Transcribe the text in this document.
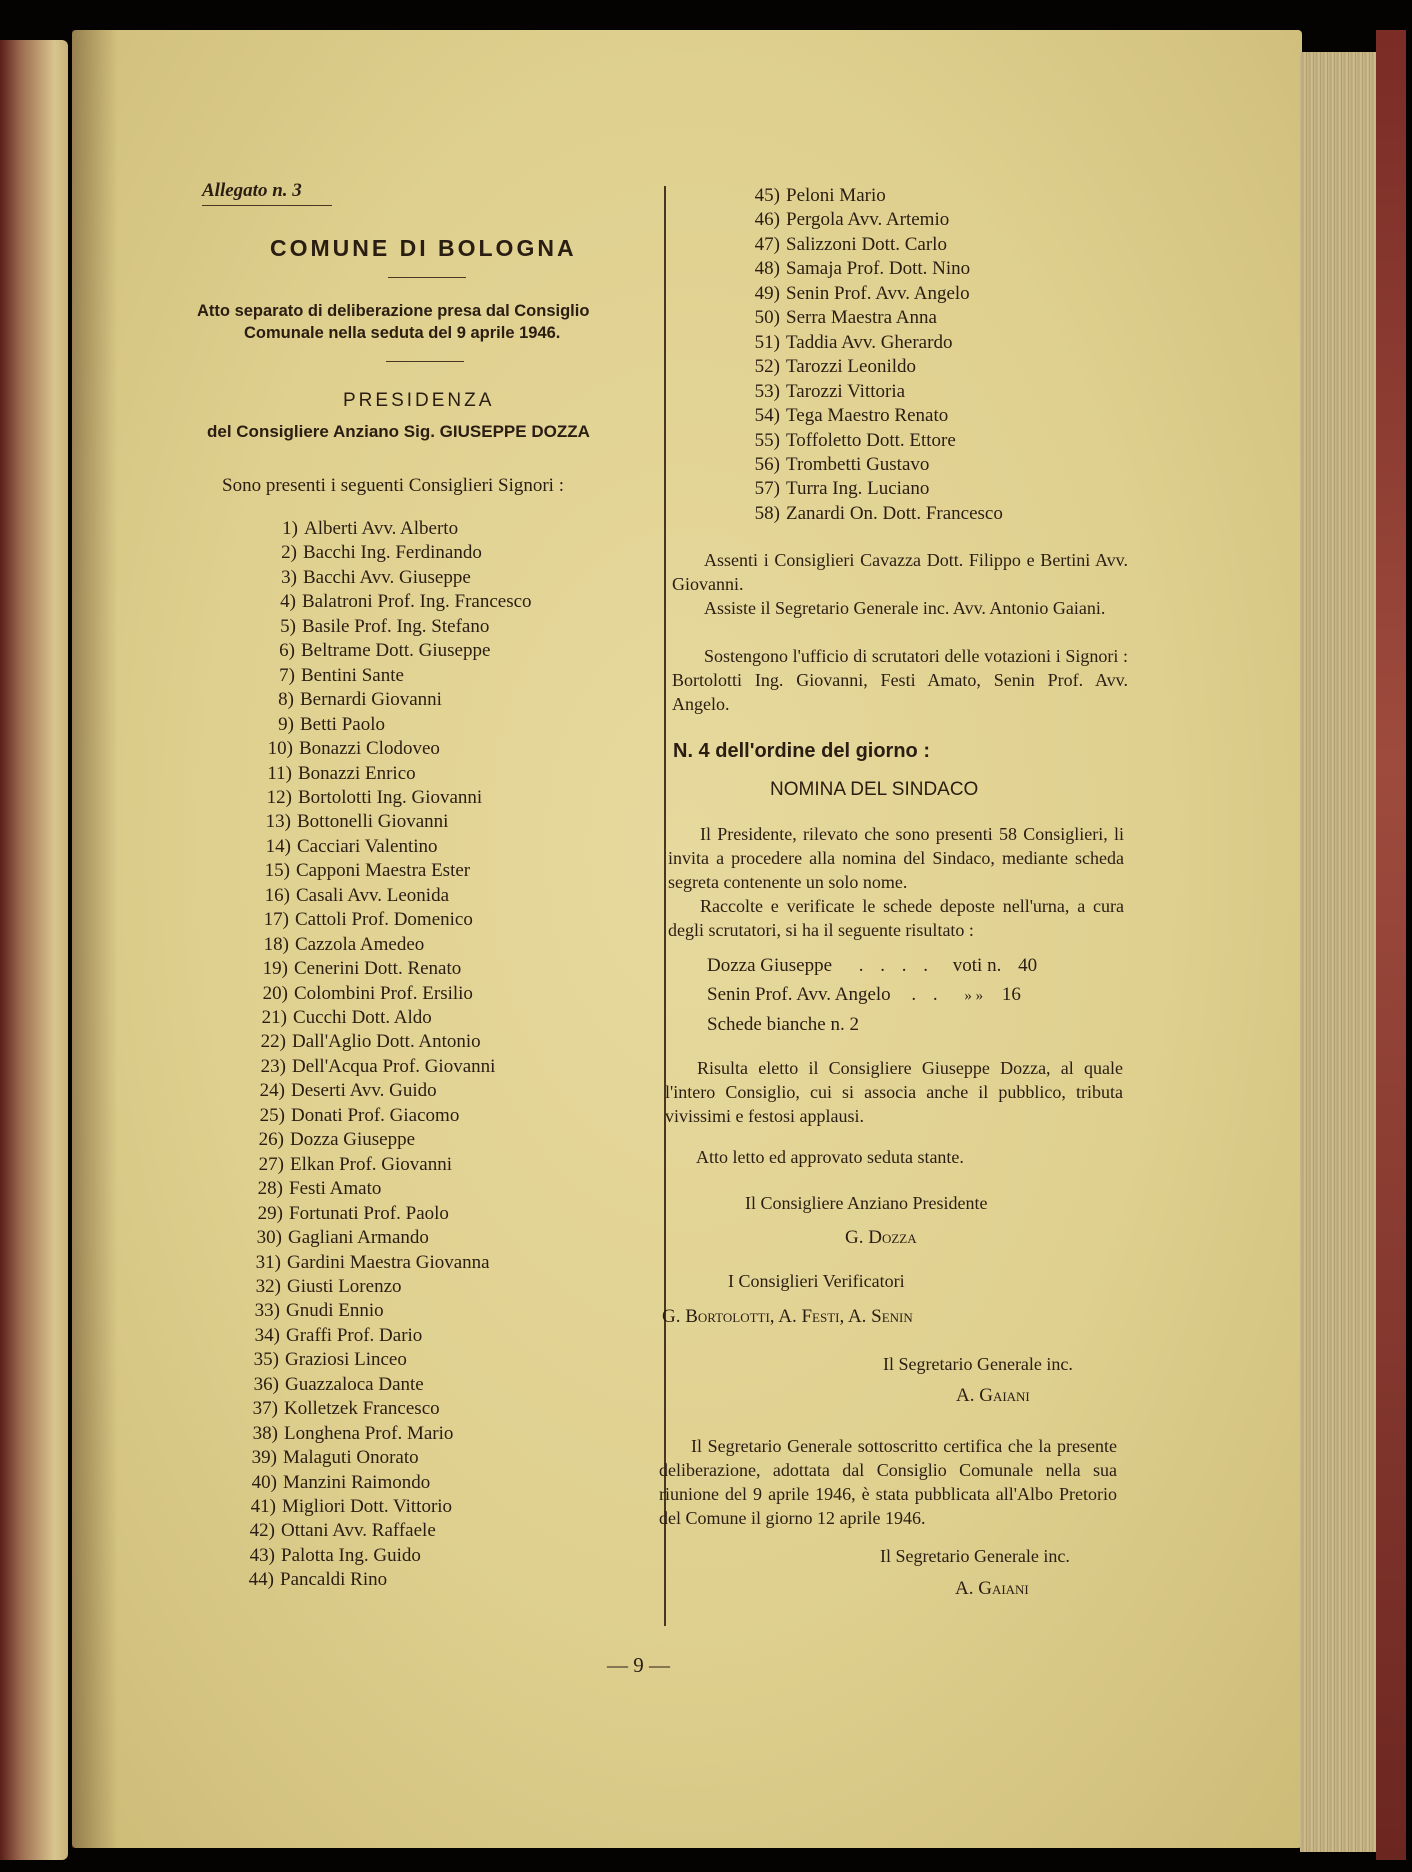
Allegato n. 3
COMUNE DI BOLOGNA
Atto separato di deliberazione presa dal Consiglio
Comunale nella seduta del 9 aprile 1946.
PRESIDENZA
del Consigliere Anziano Sig. GIUSEPPE DOZZA
Sono presenti i seguenti Consiglieri Signori :
1) Alberti Avv. Alberto
2) Bacchi Ing. Ferdinando
3) Bacchi Avv. Giuseppe
4) Balatroni Prof. Ing. Francesco
5) Basile Prof. Ing. Stefano
6) Beltrame Dott. Giuseppe
7) Bentini Sante
8) Bernardi Giovanni
9) Betti Paolo
10) Bonazzi Clodoveo
11) Bonazzi Enrico
12) Bortolotti Ing. Giovanni
13) Bottonelli Giovanni
14) Cacciari Valentino
15) Capponi Maestra Ester
16) Casali Avv. Leonida
17) Cattoli Prof. Domenico
18) Cazzola Amedeo
19) Cenerini Dott. Renato
20) Colombini Prof. Ersilio
21) Cucchi Dott. Aldo
22) Dall'Aglio Dott. Antonio
23) Dell'Acqua Prof. Giovanni
24) Deserti Avv. Guido
25) Donati Prof. Giacomo
26) Dozza Giuseppe
27) Elkan Prof. Giovanni
28) Festi Amato
29) Fortunati Prof. Paolo
30) Gagliani Armando
31) Gardini Maestra Giovanna
32) Giusti Lorenzo
33) Gnudi Ennio
34) Graffi Prof. Dario
35) Graziosi Linceo
36) Guazzaloca Dante
37) Kolletzek Francesco
38) Longhena Prof. Mario
39) Malaguti Onorato
40) Manzini Raimondo
41) Migliori Dott. Vittorio
42) Ottani Avv. Raffaele
43) Palotta Ing. Guido
44) Pancaldi Rino
45) Peloni Mario
46) Pergola Avv. Artemio
47) Salizzoni Dott. Carlo
48) Samaja Prof. Dott. Nino
49) Senin Prof. Avv. Angelo
50) Serra Maestra Anna
51) Taddia Avv. Gherardo
52) Tarozzi Leonildo
53) Tarozzi Vittoria
54) Tega Maestro Renato
55) Toffoletto Dott. Ettore
56) Trombetti Gustavo
57) Turra Ing. Luciano
58) Zanardi On. Dott. Francesco
Assenti i Consiglieri Cavazza Dott. Filippo e Bertini Avv. Giovanni.
Assiste il Segretario Generale inc. Avv. Antonio Gaiani.
Sostengono l'ufficio di scrutatori delle votazioni i Signori : Bortolotti Ing. Giovanni, Festi Amato, Senin Prof. Avv. Angelo.
N. 4 dell'ordine del giorno :
NOMINA DEL SINDACO
Il Presidente, rilevato che sono presenti 58 Consiglieri, li invita a procedere alla nomina del Sindaco, mediante scheda segreta contenente un solo nome.
Raccolte e verificate le schede deposte nell'urna, a cura degli scrutatori, si ha il seguente risultato :
Dozza Giuseppe . . . . voti n. 40
Senin Prof. Avv. Angelo . . » » 16
Schede bianche n. 2
Risulta eletto il Consigliere Giuseppe Dozza, al quale l'intero Consiglio, cui si associa anche il pubblico, tributa vivissimi e festosi applausi.
Atto letto ed approvato seduta stante.
Il Consigliere Anziano Presidente
G. Dozza
I Consiglieri Verificatori
G. Bortolotti, A. Festi, A. Senin
Il Segretario Generale inc.
A. Gaiani
Il Segretario Generale sottoscritto certifica che la presente deliberazione, adottata dal Consiglio Comunale nella sua riunione del 9 aprile 1946, è stata pubblicata all'Albo Pretorio del Comune il giorno 12 aprile 1946.
Il Segretario Generale inc.
A. Gaiani
— 9 —
